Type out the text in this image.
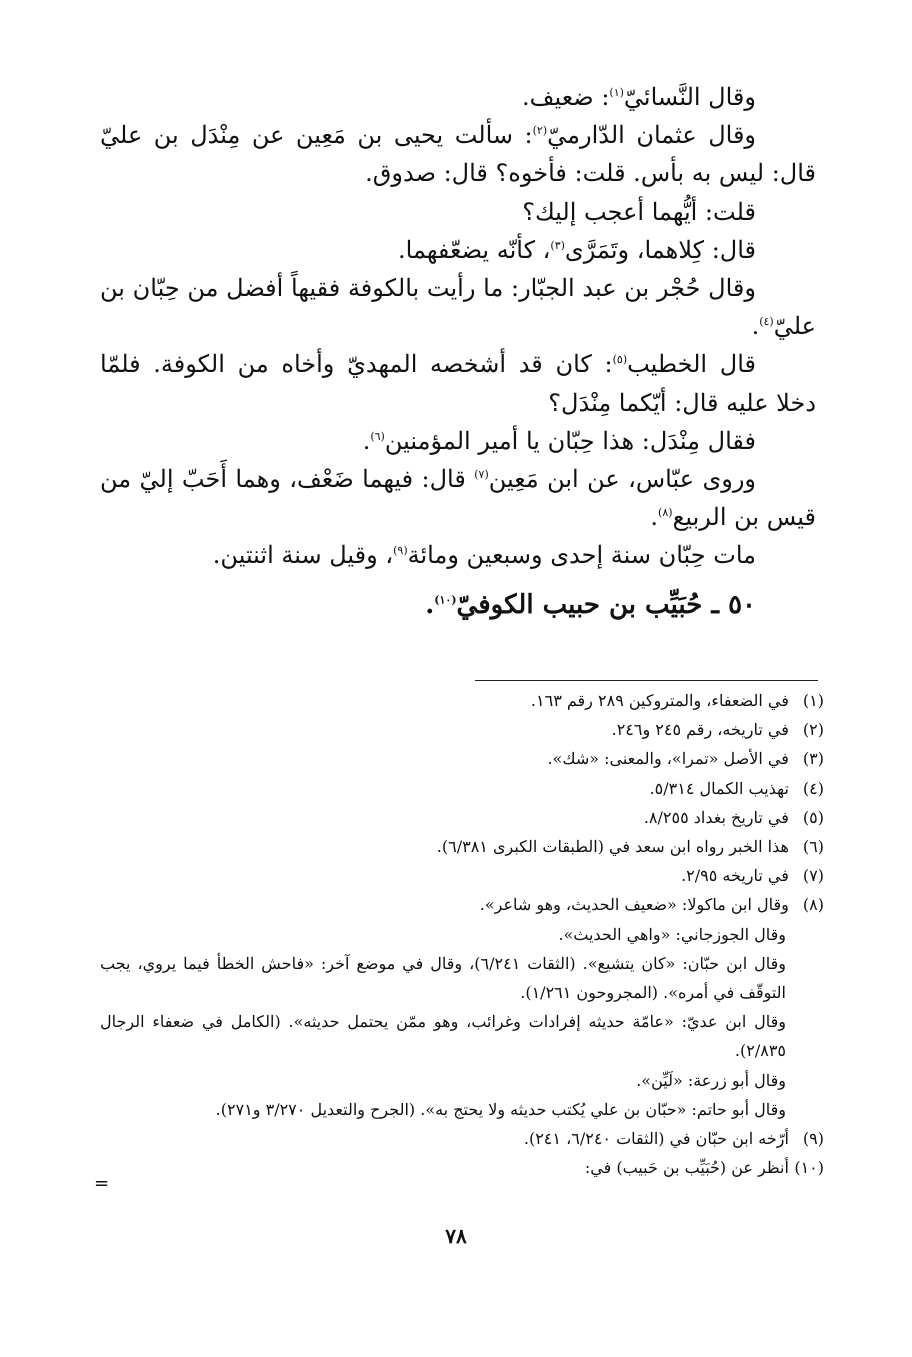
وقال النَّسائيّ$^{(١)}$: ضعيف.

وقال عثمان الدّارميّ$^{(٢)}$: سألت يحيى بن مَعِين عن مِنْدَل بن عليّ قال: ليس به بأس. قلت: فأخوه؟ قال: صدوق.

قلت: أيُّهما أعجب إليك؟

قال: كِلاهما، وتَمَرَّى$^{(٣)}$، كأنّه يضعّفهما.

وقال حُجْر بن عبد الجبّار: ما رأيت بالكوفة فقيهاً أفضل من حِبّان بن عليّ$^{(٤)}$.

قال الخطيب$^{(٥)}$: كان قد أشخصه المهديّ وأخاه من الكوفة. فلمّا دخلا عليه قال: أيّكما مِنْدَل؟

فقال مِنْدَل: هذا حِبّان يا أمير المؤمنين$^{(٦)}$.

وروى عبّاس، عن ابن مَعِين$^{(٧)}$ قال: فيهما ضَعْف، وهما أَحَبّ إليّ من قيس بن الربيع$^{(٨)}$.

مات حِبّان سنة إحدى وسبعين ومائة$^{(٩)}$، وقيل سنة اثنتين.

٥٠ ـ حُبَيِّب بن حبيب الكوفيّ$^{(١٠)}$.

(١) في الضعفاء، والمتروكين ٢٨٩ رقم ١٦٣.

(٢) في تاريخه، رقم ٢٤٥ و٢٤٦.

(٣) في الأصل «تمرا»، والمعنى: «شك».

(٤) تهذيب الكمال ٥/٣١٤.

(٥) في تاريخ بغداد ٨/٢٥٥.

(٦) هذا الخبر رواه ابن سعد في (الطبقات الكبرى ٦/٣٨١).

(٧) في تاريخه ٢/٩٥.

(٨) وقال ابن ماكولا: «ضعيف الحديث، وهو شاعر».

وقال الجوزجاني: «واهي الحديث».

وقال ابن حبّان: «كان يتشيع». (الثقات ٦/٢٤١)، وقال في موضع آخر: «فاحش الخطأ فيما يروي، يجب التوقّف في أمره». (المجروحون ١/٢٦١).

وقال ابن عديّ: «عامّة حديثه إفرادات وغرائب، وهو ممّن يحتمل حديثه». (الكامل في ضعفاء الرجال ٢/٨٣٥).

وقال أبو زرعة: «لَيِّن».

وقال أبو حاتم: «حبّان بن علي يُكتب حديثه ولا يحتج به». (الجرح والتعديل ٣/٢٧٠ و٢٧١).

(٩) أرّخه ابن حبّان في (الثقات ٦/٢٤٠، ٢٤١).

(١٠) أنظر عن (حُبَيِّب بن حَبيب) في:

=
٧٨
